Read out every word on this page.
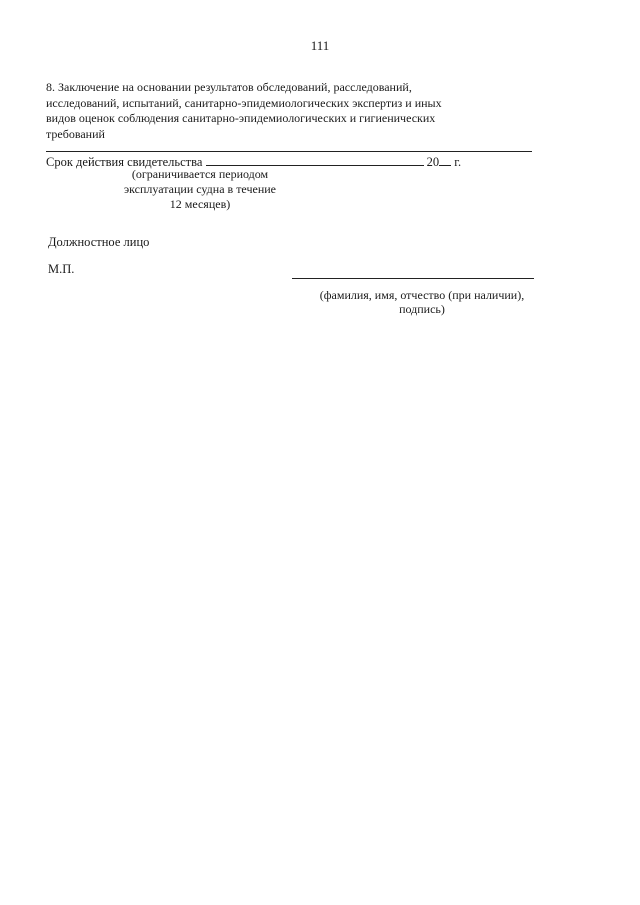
111
8. Заключение на основании результатов обследований, расследований,
исследований, испытаний, санитарно-эпидемиологических экспертиз и иных
видов оценок соблюдения санитарно-эпидемиологических и гигиенических
требований
Срок действия свидетельства	20 г.
(ограничивается периодом
эксплуатации судна в течение
12 месяцев)
Должностное лицо
М.П.
(фамилия, имя, отчество (при наличии),
подпись)
